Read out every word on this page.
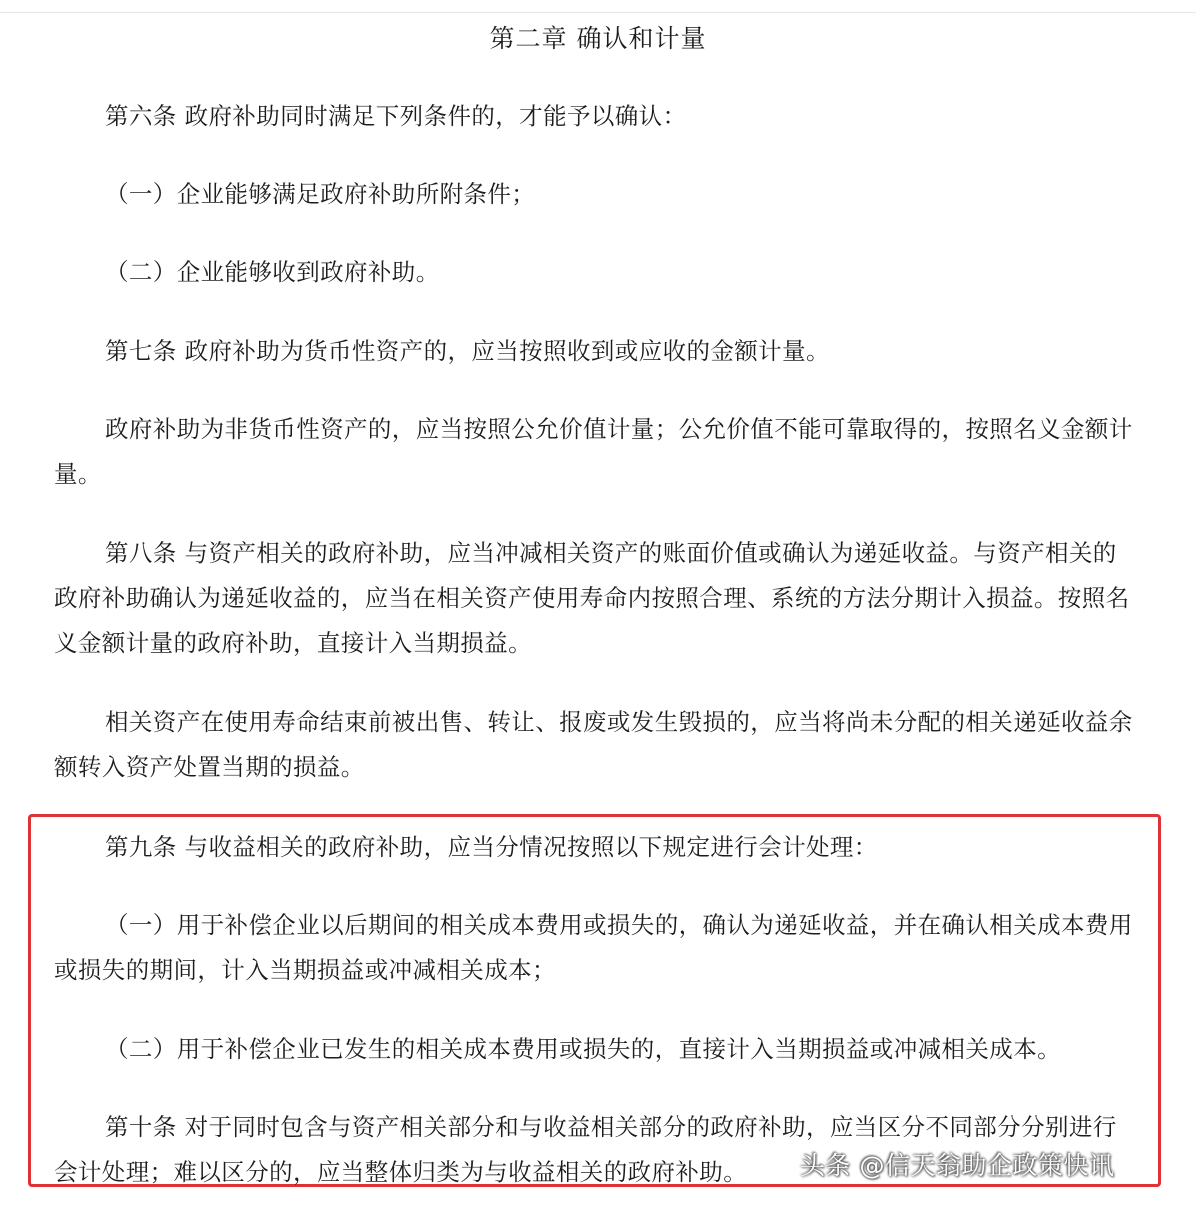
第二章 确认和计量

第六条 政府补助同时满足下列条件的，才能予以确认：

（一）企业能够满足政府补助所附条件；

（二）企业能够收到政府补助。

第七条 政府补助为货币性资产的，应当按照收到或应收的金额计量。

政府补助为非货币性资产的，应当按照公允价值计量；公允价值不能可靠取得的，按照名义金额计量。

第八条 与资产相关的政府补助，应当冲减相关资产的账面价值或确认为递延收益。与资产相关的政府补助确认为递延收益的，应当在相关资产使用寿命内按照合理、系统的方法分期计入损益。按照名义金额计量的政府补助，直接计入当期损益。

相关资产在使用寿命结束前被出售、转让、报废或发生毁损的，应当将尚未分配的相关递延收益余额转入资产处置当期的损益。

第九条 与收益相关的政府补助，应当分情况按照以下规定进行会计处理：

（一）用于补偿企业以后期间的相关成本费用或损失的，确认为递延收益，并在确认相关成本费用或损失的期间，计入当期损益或冲减相关成本；

（二）用于补偿企业已发生的相关成本费用或损失的，直接计入当期损益或冲减相关成本。

第十条 对于同时包含与资产相关部分和与收益相关部分的政府补助，应当区分不同部分分别进行会计处理；难以区分的，应当整体归类为与收益相关的政府补助。	头条 @信天翁助企政策快讯
